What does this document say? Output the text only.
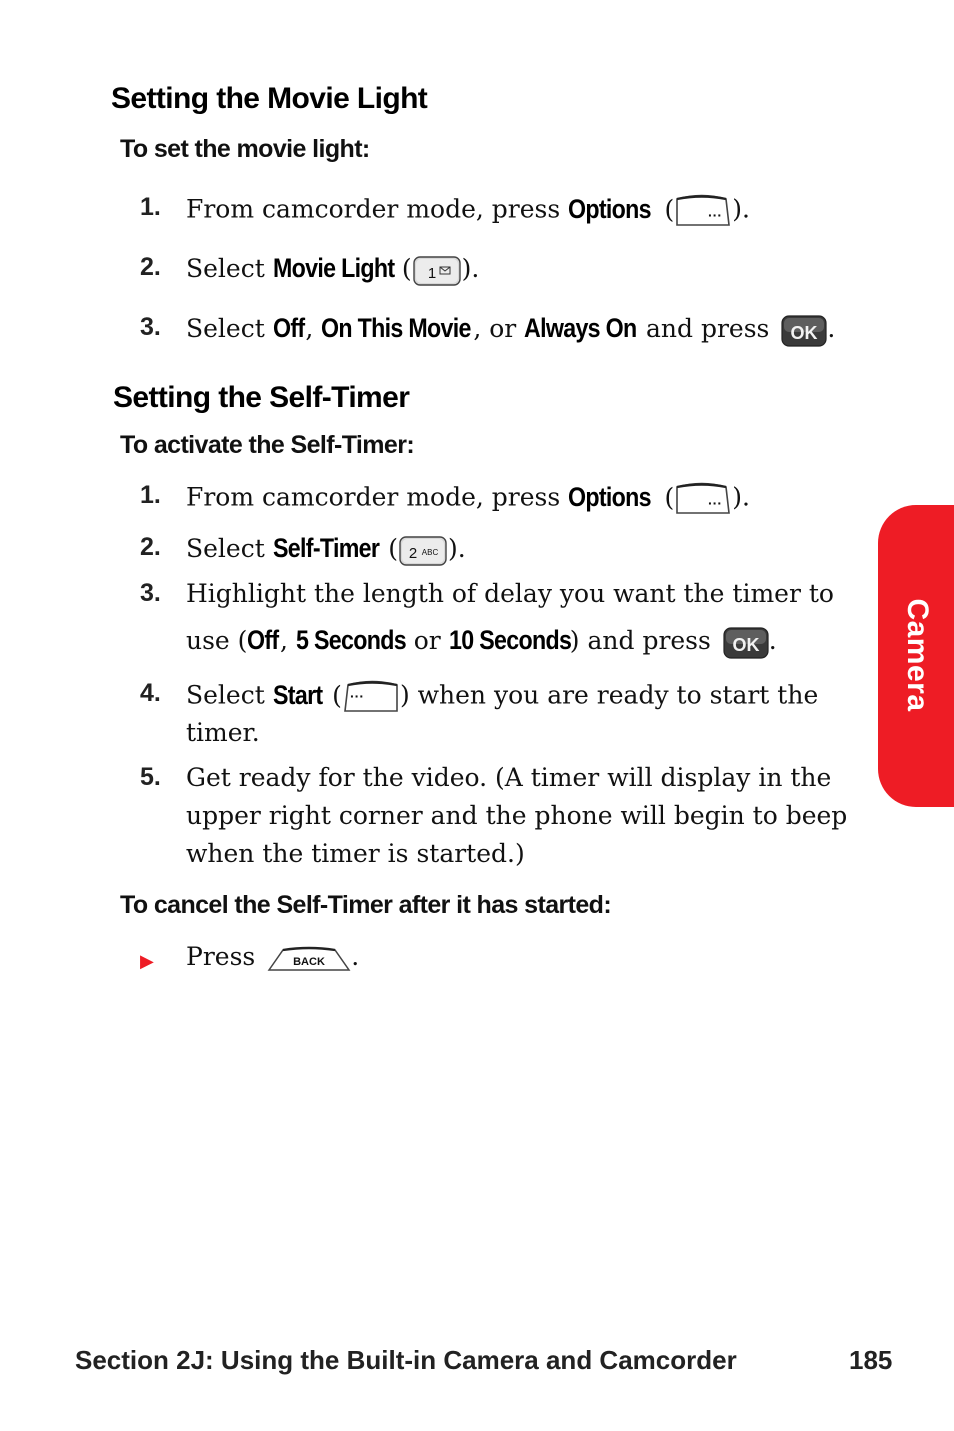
Setting the Movie Light
To set the movie light:
1. From camcorder mode, press Options ( ··· ).
2. Select Movie Light ( 1 ).
3. Select Off, On This Movie, or Always On and press OK .
Setting the Self-Timer
To activate the Self-Timer:
1. From camcorder mode, press Options ( ··· ).
2. Select Self-Timer ( 2 ABC ).
3. Highlight the length of delay you want the timer to
use (Off, 5 Seconds or 10 Seconds) and press OK .
4. Select Start ( ··· ) when you are ready to start the
timer.
5. Get ready for the video. (A timer will display in the
upper right corner and the phone will begin to beep
when the timer is started.)
To cancel the Self-Timer after it has started:
▶ Press	BACK .
Camera
Section 2J: Using the Built-in Camera and Camcorder	185
